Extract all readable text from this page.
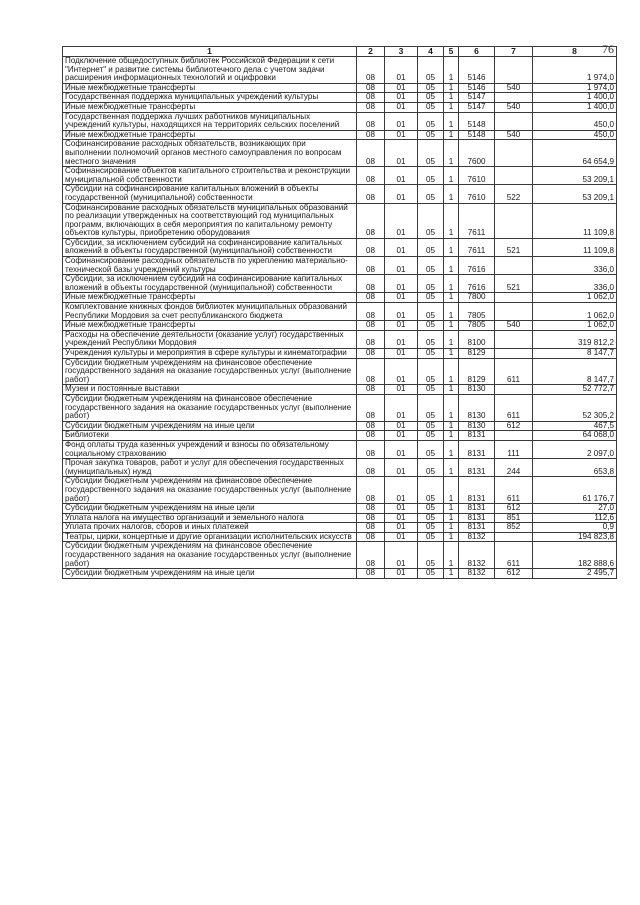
76
1	2	3	4	5	6	7	8
Подключение общедоступных библиотек Российской Федерации к сети "Интернет" и развитие системы библиотечного дела с учетом задачи расширения информационных технологий и оцифровки	08	01	05	1	5146		1 974,0
Иные межбюджетные трансферты	08	01	05	1	5146	540	1 974,0
Государственная поддержка муниципальных учреждений культуры	08	01	05	1	5147		1 400,0
Иные межбюджетные трансферты	08	01	05	1	5147	540	1 400,0
Государственная поддержка лучших работников муниципальных учреждений культуры, находящихся на территориях сельских поселений	08	01	05	1	5148		450,0
Иные межбюджетные трансферты	08	01	05	1	5148	540	450,0
Софинансирование расходных обязательств, возникающих при выполнении полномочий органов местного самоуправления по вопросам местного значения	08	01	05	1	7600		64 654,9
Софинансирование объектов капитального строительства и реконструкции муниципальной собственности	08	01	05	1	7610		53 209,1
Субсидии на софинансирование капитальных вложений в объекты государственной (муниципальной) собственности	08	01	05	1	7610	522	53 209,1
Софинансирование расходных обязательств муниципальных образований по реализации утвержденных на соответствующий год муниципальных программ, включающих в себя мероприятия по капитальному ремонту объектов культуры, приобретению оборудования	08	01	05	1	7611		11 109,8
Субсидии, за исключением субсидий на софинансирование капитальных вложений в объекты государственной (муниципальной) собственности	08	01	05	1	7611	521	11 109,8
Софинансирование расходных обязательств по укреплению материально-технической базы учреждений культуры	08	01	05	1	7616		336,0
Субсидии, за исключением субсидий на софинансирование капитальных вложений в объекты государственной (муниципальной) собственности	08	01	05	1	7616	521	336,0
Иные межбюджетные трансферты	08	01	05	1	7800		1 062,0
Комплектование книжных фондов библиотек муниципальных образований Республики Мордовия за счет республиканского бюджета	08	01	05	1	7805		1 062,0
Иные межбюджетные трансферты	08	01	05	1	7805	540	1 062,0
Расходы на обеспечение деятельности (оказание услуг) государственных учреждений Республики Мордовия	08	01	05	1	8100		319 812,2
Учреждения культуры и мероприятия в сфере культуры и кинематографии	08	01	05	1	8129		8 147,7
Субсидии бюджетным учреждениям на финансовое обеспечение государственного задания на оказание государственных услуг (выполнение работ)	08	01	05	1	8129	611	8 147,7
Музеи и постоянные выставки	08	01	05	1	8130		52 772,7
Субсидии бюджетным учреждениям на финансовое обеспечение государственного задания на оказание государственных услуг (выполнение работ)	08	01	05	1	8130	611	52 305,2
Субсидии бюджетным учреждениям на иные цели	08	01	05	1	8130	612	467,5
Библиотеки	08	01	05	1	8131		64 068,0
Фонд оплаты труда казенных учреждений и взносы по обязательному социальному страхованию	08	01	05	1	8131	111	2 097,0
Прочая закупка товаров, работ и услуг для обеспечения государственных (муниципальных) нужд	08	01	05	1	8131	244	653,8
Субсидии бюджетным учреждениям на финансовое обеспечение государственного задания на оказание государственных услуг (выполнение работ)	08	01	05	1	8131	611	61 176,7
Субсидии бюджетным учреждениям на иные цели	08	01	05	1	8131	612	27,0
Уплата налога на имущество организаций и земельного налога	08	01	05	1	8131	851	112,6
Уплата прочих налогов, сборов и иных платежей	08	01	05	1	8131	852	0,9
Театры, цирки, концертные и другие организации исполнительских искусств	08	01	05	1	8132		194 823,8
Субсидии бюджетным учреждениям на финансовое обеспечение государственного задания на оказание государственных услуг (выполнение работ)	08	01	05	1	8132	611	182 888,6
Субсидии бюджетным учреждениям на иные цели	08	01	05	1	8132	612	2 495,7
